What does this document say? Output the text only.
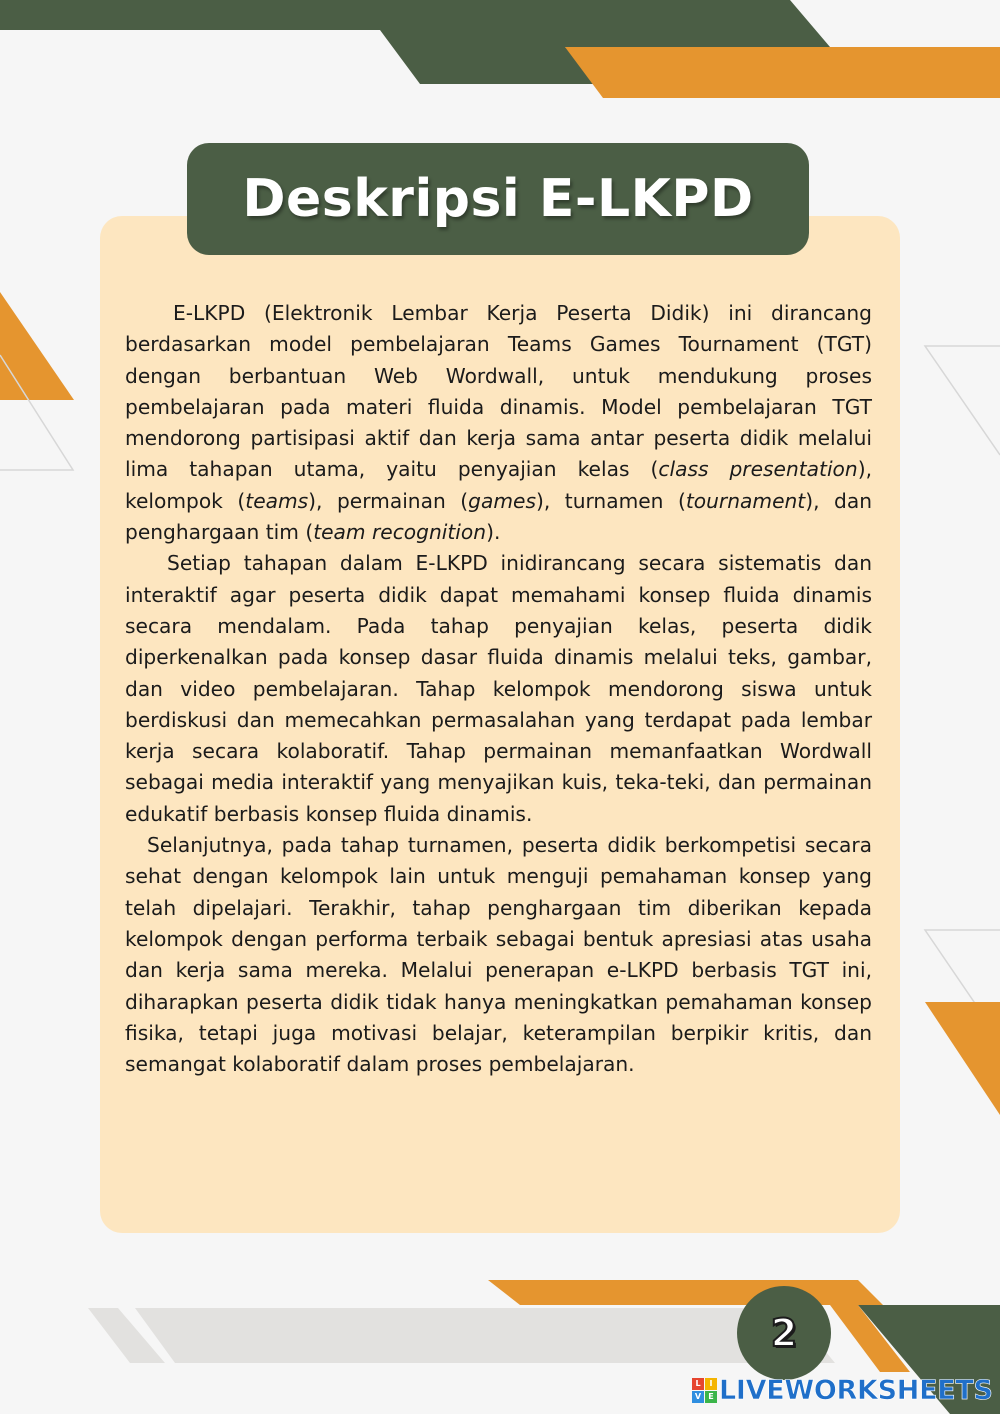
Deskripsi E-LKPD

E-LKPD (Elektronik Lembar Kerja Peserta Didik) ini dirancang berdasarkan model pembelajaran Teams Games Tournament (TGT) dengan berbantuan Web Wordwall, untuk mendukung proses pembelajaran pada materi fluida dinamis. Model pembelajaran TGT mendorong partisipasi aktif dan kerja sama antar peserta didik melalui lima tahapan utama, yaitu penyajian kelas (class presentation), kelompok (teams), permainan (games), turnamen (tournament), dan penghargaan tim (team recognition).

Setiap tahapan dalam E-LKPD inidirancang secara sistematis dan interaktif agar peserta didik dapat memahami konsep fluida dinamis secara mendalam. Pada tahap penyajian kelas, peserta didik diperkenalkan pada konsep dasar fluida dinamis melalui teks, gambar, dan video pembelajaran. Tahap kelompok mendorong siswa untuk berdiskusi dan memecahkan permasalahan yang terdapat pada lembar kerja secara kolaboratif. Tahap permainan memanfaatkan Wordwall sebagai media interaktif yang menyajikan kuis, teka-teki, dan permainan edukatif berbasis konsep fluida dinamis.

Selanjutnya, pada tahap turnamen, peserta didik berkompetisi secara sehat dengan kelompok lain untuk menguji pemahaman konsep yang telah dipelajari. Terakhir, tahap penghargaan tim diberikan kepada kelompok dengan performa terbaik sebagai bentuk apresiasi atas usaha dan kerja sama mereka. Melalui penerapan e-LKPD berbasis TGT ini, diharapkan peserta didik tidak hanya meningkatkan pemahaman konsep fisika, tetapi juga motivasi belajar, keterampilan berpikir kritis, dan semangat kolaboratif dalam proses pembelajaran.

2
L	I
V E LIVEWORKSHEETS
